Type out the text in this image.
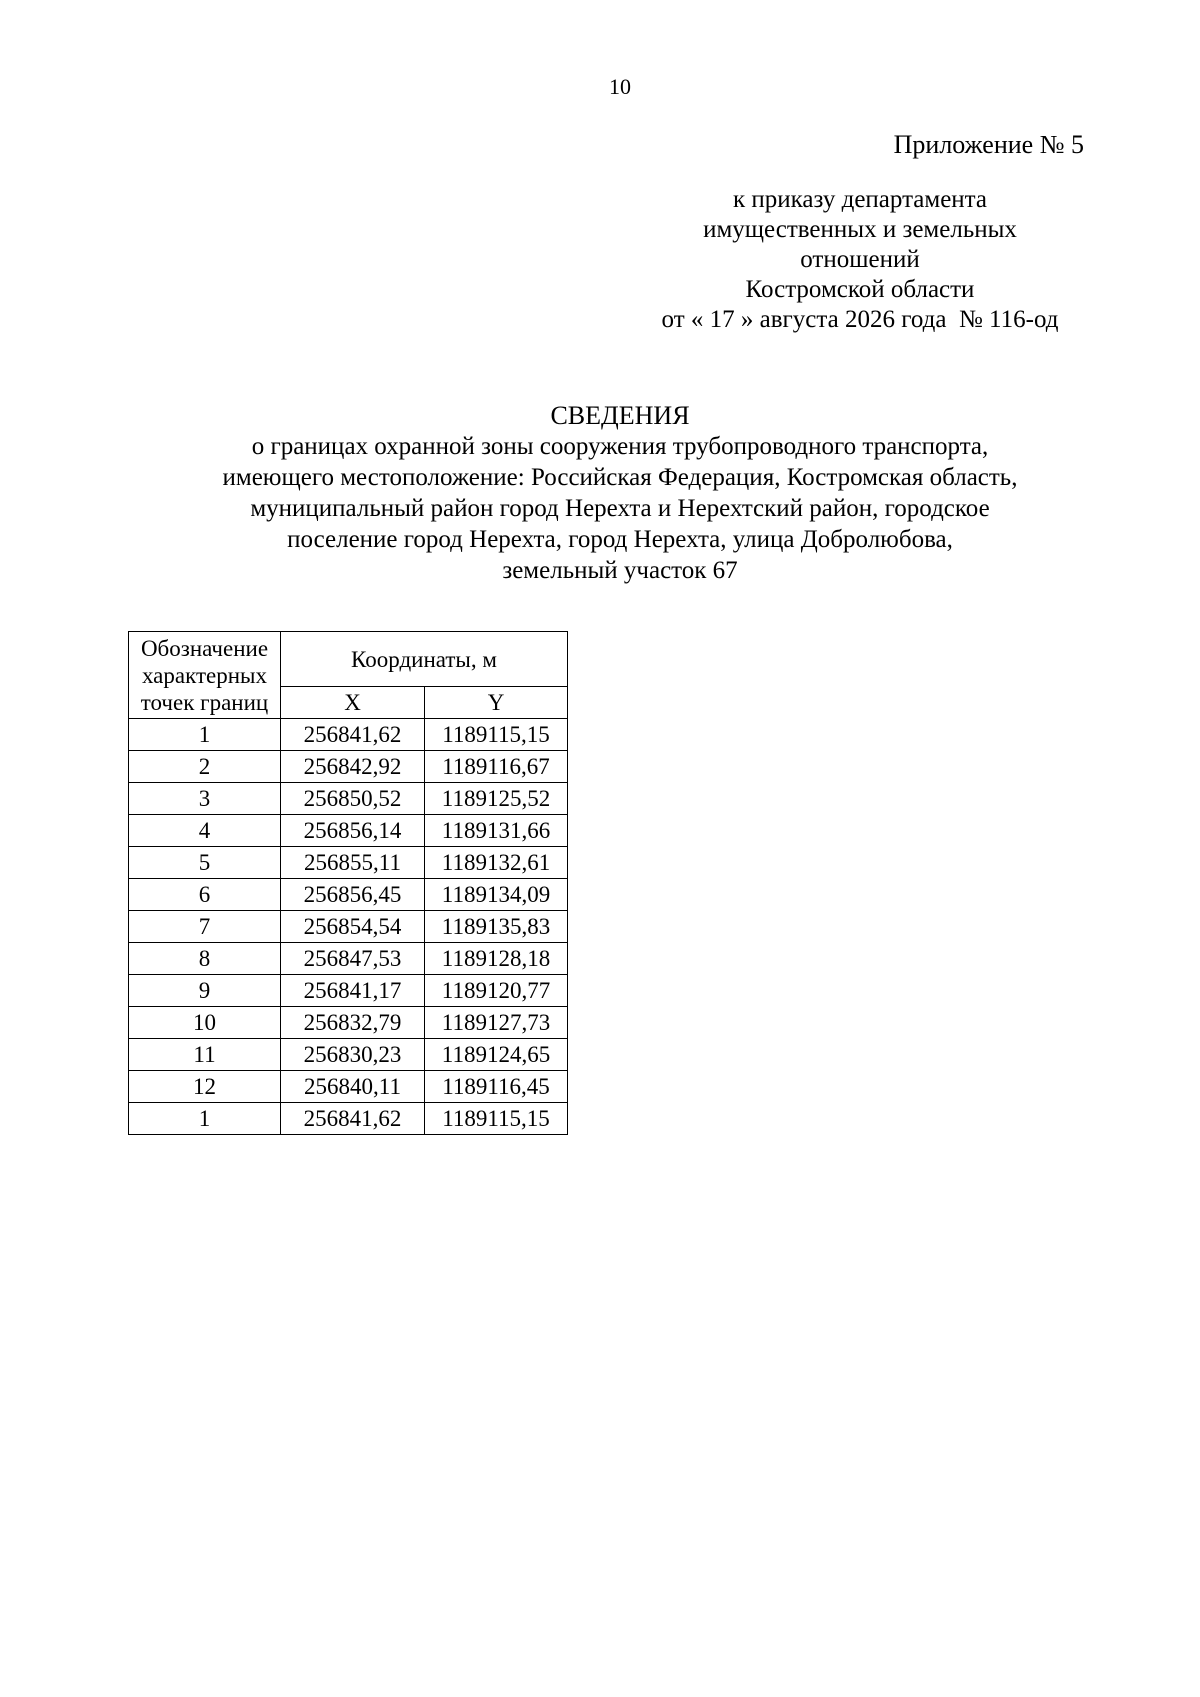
10
Приложение № 5
к приказу департамента
имущественных и земельных
отношений
Костромской области
от « 17 » августа 2026 года  № 116-од
СВЕДЕНИЯ
о границах охранной зоны сооружения трубопроводного транспорта,
имеющего местоположение: Российская Федерация, Костромская область,
муниципальный район город Нерехта и Нерехтский район, городское
поселение город Нерехта, город Нерехта, улица Добролюбова,
земельный участок 67
Обозначение
характерных
точек границ	Координаты, м	
	X	Y
1	256841,62	1189115,15
2	256842,92	1189116,67
3	256850,52	1189125,52
4	256856,14	1189131,66
5	256855,11	1189132,61
6	256856,45	1189134,09
7	256854,54	1189135,83
8	256847,53	1189128,18
9	256841,17	1189120,77
10	256832,79	1189127,73
11	256830,23	1189124,65
12	256840,11	1189116,45
1	256841,62	1189115,15
